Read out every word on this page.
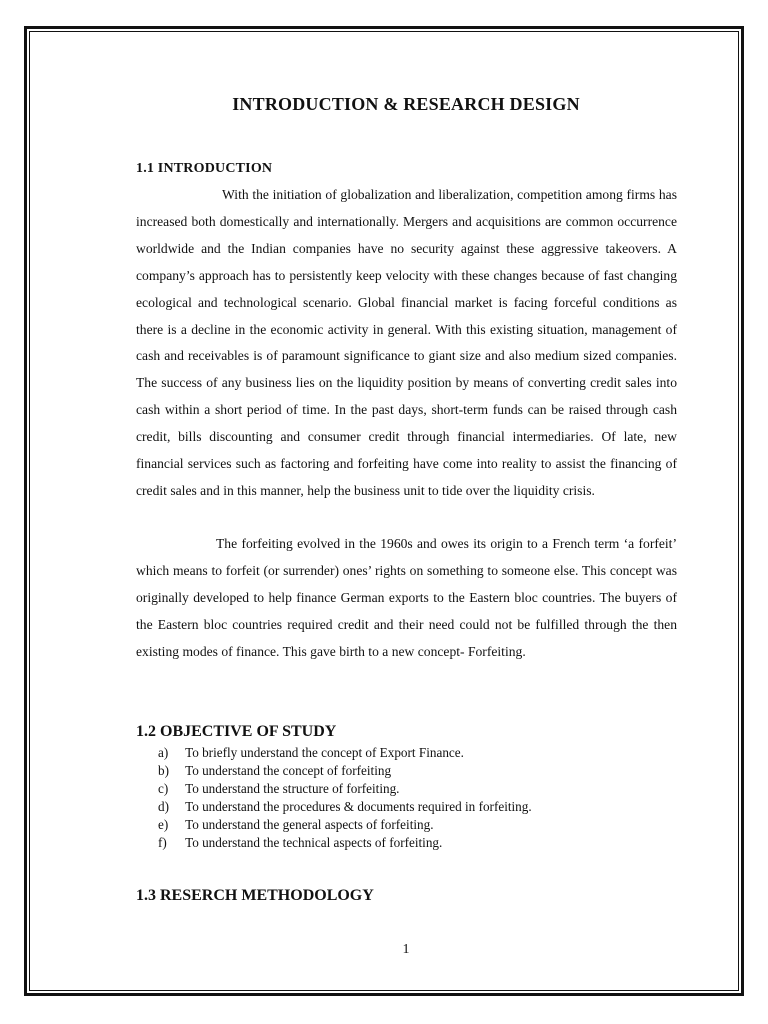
INTRODUCTION & RESEARCH DESIGN
1.1 INTRODUCTION

With the initiation of globalization and liberalization, competition among firms has increased both domestically and internationally. Mergers and acquisitions are common occurrence worldwide and the Indian companies have no security against these aggressive takeovers. A company’s approach has to persistently keep velocity with these changes because of fast changing ecological and technological scenario. Global financial market is facing forceful conditions as there is a decline in the economic activity in general. With this existing situation, management of cash and receivables is of paramount significance to giant size and also medium sized companies. The success of any business lies on the liquidity position by means of converting credit sales into cash within a short period of time. In the past days, short-term funds can be raised through cash credit, bills discounting and consumer credit through financial intermediaries. Of late, new financial services such as factoring and forfeiting have come into reality to assist the financing of credit sales and in this manner, help the business unit to tide over the liquidity crisis.

The forfeiting evolved in the 1960s and owes its origin to a French term ‘a forfeit’ which means to forfeit (or surrender) ones’ rights on something to someone else. This concept was originally developed to help finance German exports to the Eastern bloc countries. The buyers of the Eastern bloc countries required credit and their need could not be fulfilled through the then existing modes of finance. This gave birth to a new concept- Forfeiting.

1.2 OBJECTIVE OF STUDY
a) To briefly understand the concept of Export Finance.
b) To understand the concept of forfeiting
c) To understand the structure of forfeiting.
d) To understand the procedures & documents required in forfeiting.
e) To understand the general aspects of forfeiting.
f) To understand the technical aspects of forfeiting.
1.3 RESERCH METHODOLOGY
1
